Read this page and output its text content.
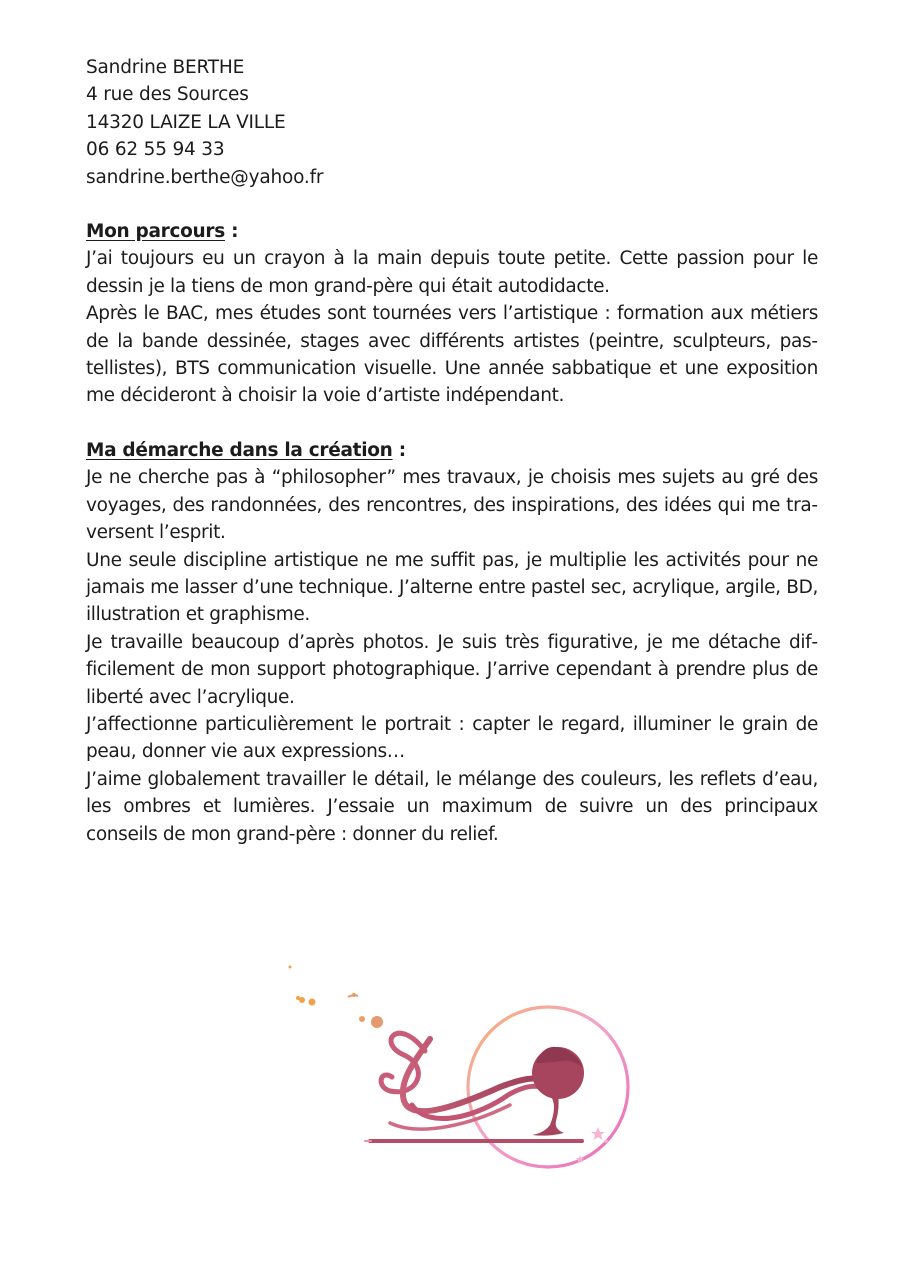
Sandrine BERTHE

4 rue des Sources

14320 LAIZE LA VILLE

06 62 55 94 33

sandrine.berthe@yahoo.fr

Mon parcours :

J’ai toujours eu un crayon à la main depuis toute petite. Cette passion pour le dessin je la tiens de mon grand-père qui était autodidacte.

Après le BAC, mes études sont tournées vers l’artistique : formation aux métiers de la bande dessinée, stages avec différents artistes (peintre, sculpteurs, pastellistes), BTS communication visuelle. Une année sabbatique et une exposition me décideront à choisir la voie d’artiste indépendant.

Ma démarche dans la création :

Je ne cherche pas à “philosopher” mes travaux, je choisis mes sujets au gré des voyages, des randonnées, des rencontres, des inspirations, des idées qui me traversent l’esprit.

Une seule discipline artistique ne me suffit pas, je multiplie les activités pour ne jamais me lasser d’une technique. J’alterne entre pastel sec, acrylique, argile, BD, illustration et graphisme.

Je travaille beaucoup d’après photos. Je suis très figurative, je me détache difficilement de mon support photographique. J’arrive cependant à prendre plus de liberté avec l’acrylique.

J’affectionne particulièrement le portrait : capter le regard, illuminer le grain de peau, donner vie aux expressions…

J’aime globalement travailler le détail, le mélange des couleurs, les reflets d’eau, les ombres et lumières. J’essaie un maximum de suivre un des principaux conseils de mon grand-père : donner du relief.
